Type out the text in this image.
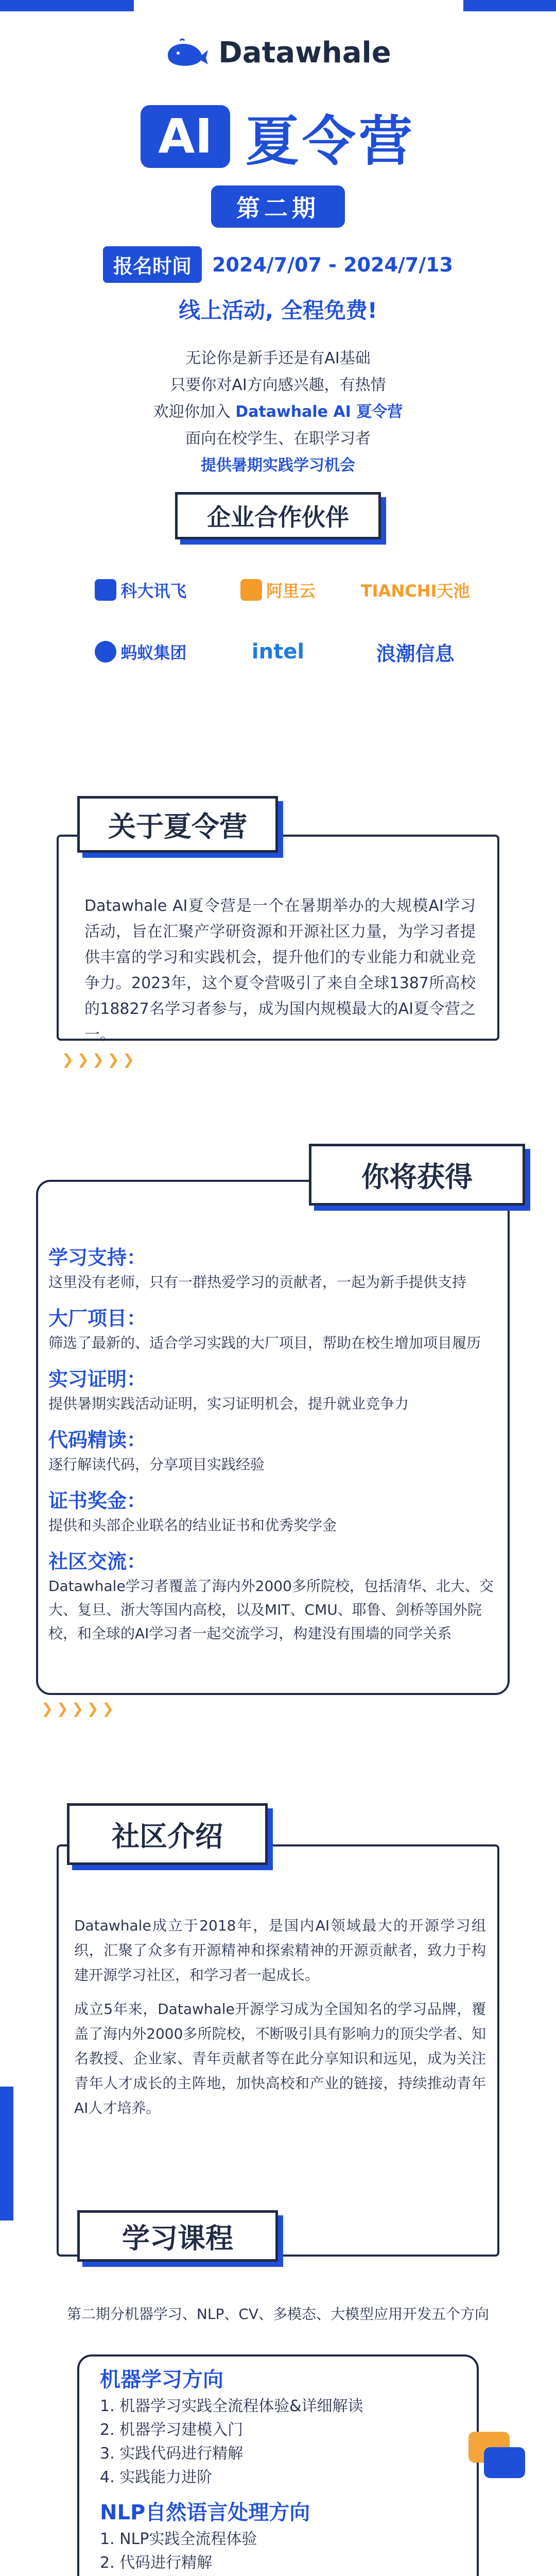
Datawhale
AI 夏令营
第二期
报名时间	2024/7/07 - 2024/7/13
线上活动, 全程免费!
无论你是新手还是有AI基础
只要你对AI方向感兴趣，有热情
欢迎你加入 Datawhale AI 夏令营
面向在校学生、在职学习者
提供暑期实践学习机会
企业合作伙伴
科大讯飞	阿里云	TIANCHI天池
蚂蚁集团	intel	浪潮信息
Datawhale AI夏令营是一个在暑期举办的大规模AI学习活动，旨在汇聚产学研资源和开源社区力量，为学习者提供丰富的学习和实践机会，提升他们的专业能力和就业竞争力。2023年，这个夏令营吸引了来自全球1387所高校的18827名学习者参与，成为国内规模最大的AI夏令营之一。
关于夏令营
❯❯❯❯❯
学习支持：
这里没有老师，只有一群热爱学习的贡献者，一起为新手提供支持
大厂项目：
筛选了最新的、适合学习实践的大厂项目，帮助在校生增加项目履历
实习证明：
提供暑期实践活动证明，实习证明机会，提升就业竞争力
代码精读：
逐行解读代码，分享项目实践经验
证书奖金：
提供和头部企业联名的结业证书和优秀奖学金
社区交流：
Datawhale学习者覆盖了海内外2000多所院校，包括清华、北大、交大、复旦、浙大等国内高校，以及MIT、CMU、耶鲁、剑桥等国外院校，和全球的AI学习者一起交流学习，构建没有围墙的同学关系
你将获得
❯❯❯❯❯

Datawhale成立于2018年，是国内AI领域最大的开源学习组织，汇聚了众多有开源精神和探索精神的开源贡献者，致力于构建开源学习社区，和学习者一起成长。

成立5年来，Datawhale开源学习成为全国知名的学习品牌，覆盖了海内外2000多所院校，不断吸引具有影响力的顶尖学者、知名教授、企业家、青年贡献者等在此分享知识和远见，成为关注青年人才成长的主阵地，加快高校和产业的链接，持续推动青年AI人才培养。

社区介绍
学习课程
第二期分机器学习、NLP、CV、多模态、大模型应用开发五个方向
机器学习方向
1. 机器学习实践全流程体验&详细解读
2. 机器学习建模入门
3. 实践代码进行精解
4. 实践能力进阶
NLP自然语言处理方向
1. NLP实践全流程体验
2. 代码进行精解
